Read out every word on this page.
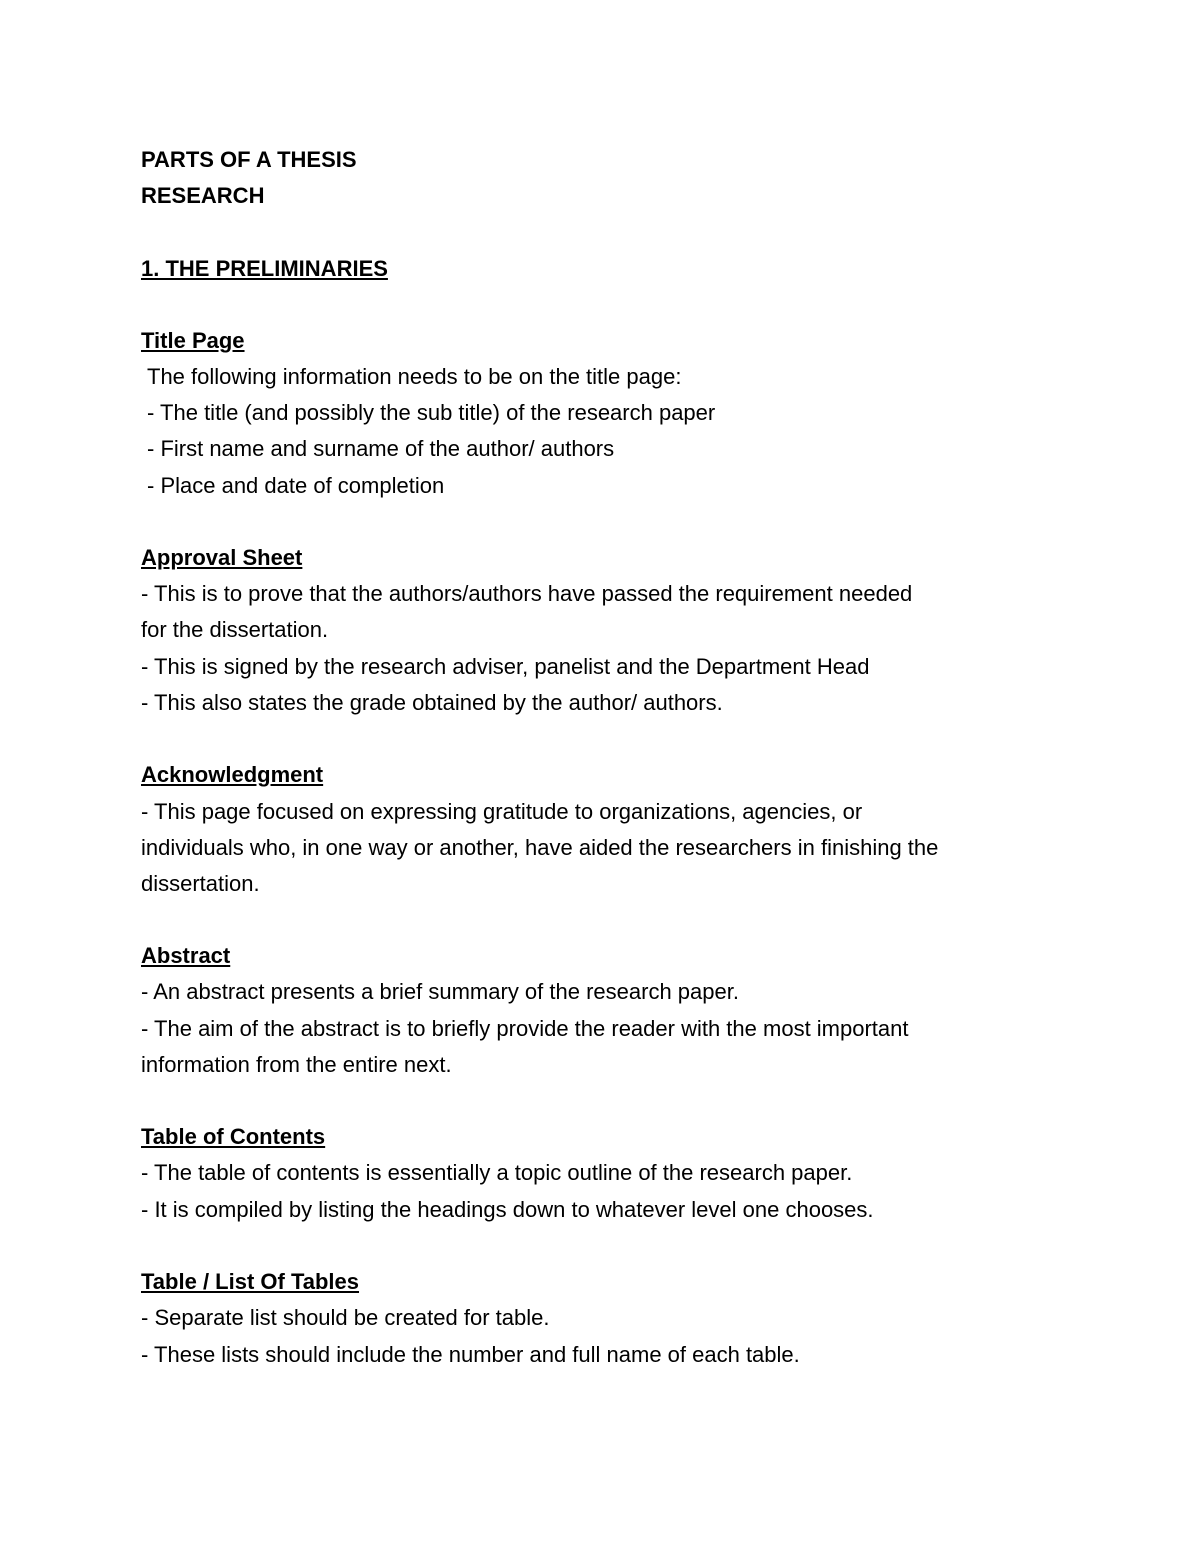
PARTS OF A THESIS
RESEARCH
1. THE PRELIMINARIES
Title Page
The following information needs to be on the title page:
- The title (and possibly the sub title) of the research paper
- First name and surname of the author/ authors
- Place and date of completion
Approval Sheet
- This is to prove that the authors/authors have passed the requirement needed
for the dissertation.
- This is signed by the research adviser, panelist and the Department Head
- This also states the grade obtained by the author/ authors.
Acknowledgment
- This page focused on expressing gratitude to organizations, agencies, or
individuals who, in one way or another, have aided the researchers in finishing the
dissertation.
Abstract
- An abstract presents a brief summary of the research paper.
- The aim of the abstract is to briefly provide the reader with the most important
information from the entire next.
Table of Contents
- The table of contents is essentially a topic outline of the research paper.
- It is compiled by listing the headings down to whatever level one chooses.
Table / List Of Tables
- Separate list should be created for table.
- These lists should include the number and full name of each table.
